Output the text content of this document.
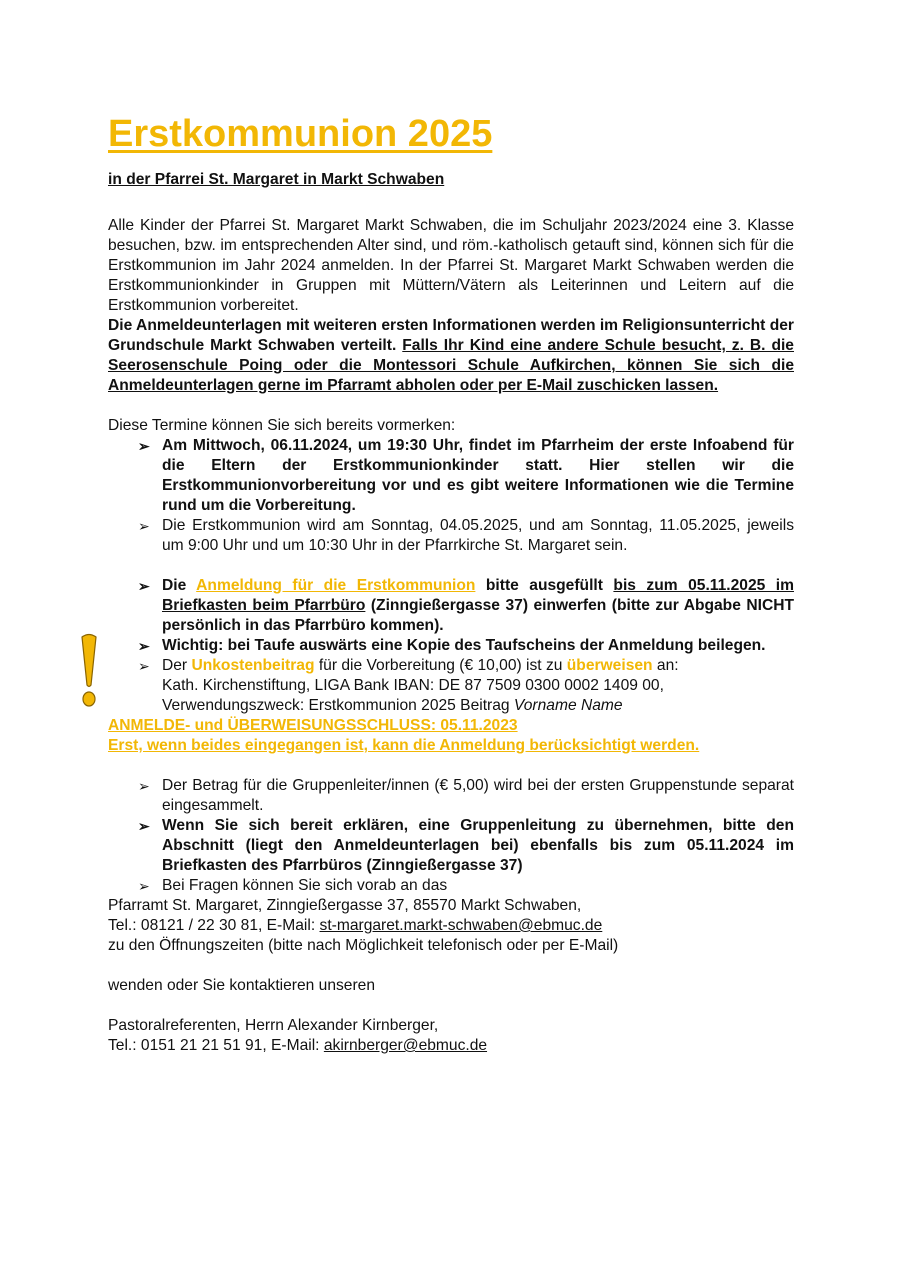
Erstkommunion 2025

in der Pfarrei St. Margaret in Markt Schwaben

Alle Kinder der Pfarrei St. Margaret Markt Schwaben, die im Schuljahr 2023/2024 eine 3. Klasse besuchen, bzw. im entsprechenden Alter sind, und röm.-katholisch getauft sind, können sich für die Erstkommunion im Jahr 2024 anmelden. In der Pfarrei St. Margaret Markt Schwaben werden die Erstkommunionkinder in Gruppen mit Müttern/Vätern als Leiterinnen und Leitern auf die Erstkommunion vorbereitet.

Die Anmeldeunterlagen mit weiteren ersten Informationen werden im Religionsunterricht der Grundschule Markt Schwaben verteilt. Falls Ihr Kind eine andere Schule besucht, z. B. die Seerosenschule Poing oder die Montessori Schule Aufkirchen, können Sie sich die Anmeldeunterlagen gerne im Pfarramt abholen oder per E-Mail zuschicken lassen.

Diese Termine können Sie sich bereits vormerken:

➢ Am Mittwoch, 06.11.2024, um 19:30 Uhr, findet im Pfarrheim der erste Infoabend für die Eltern der Erstkommunionkinder statt. Hier stellen wir die Erstkommunionvorbereitung vor und es gibt weitere Informationen wie die Termine rund um die Vorbereitung.
➢ Die Erstkommunion wird am Sonntag, 04.05.2025, und am Sonntag, 11.05.2025, jeweils um 9:00 Uhr und um 10:30 Uhr in der Pfarrkirche St. Margaret sein.
➢ Die Anmeldung für die Erstkommunion bitte ausgefüllt bis zum 05.11.2025 im Briefkasten beim Pfarrbüro (Zinngießergasse 37) einwerfen (bitte zur Abgabe NICHT persönlich in das Pfarrbüro kommen).
➢ Wichtig: bei Taufe auswärts eine Kopie des Taufscheins der Anmeldung beilegen.
➢ Der Unkostenbeitrag für die Vorbereitung (€ 10,00) ist zu überweisen an:
Kath. Kirchenstiftung, LIGA Bank IBAN: DE 87 7509 0300 0002 1409 00,
Verwendungszweck: Erstkommunion 2025 Beitrag Vorname Name

ANMELDE- und ÜBERWEISUNGSSCHLUSS: 05.11.2023

Erst, wenn beides eingegangen ist, kann die Anmeldung berücksichtigt werden.

➢ Der Betrag für die Gruppenleiter/innen (€ 5,00) wird bei der ersten Gruppenstunde separat eingesammelt.
➢ Wenn Sie sich bereit erklären, eine Gruppenleitung zu übernehmen, bitte den Abschnitt (liegt den Anmeldeunterlagen bei) ebenfalls bis zum 05.11.2024 im Briefkasten des Pfarrbüros (Zinngießergasse 37)
➢ Bei Fragen können Sie sich vorab an das

Pfarramt St. Margaret, Zinngießergasse 37, 85570 Markt Schwaben,

Tel.: 08121 / 22 30 81, E-Mail: st-margaret.markt-schwaben@ebmuc.de

zu den Öffnungszeiten (bitte nach Möglichkeit telefonisch oder per E-Mail)

wenden oder Sie kontaktieren unseren

Pastoralreferenten, Herrn Alexander Kirnberger,

Tel.: 0151 21 21 51 91, E-Mail: akirnberger@ebmuc.de
